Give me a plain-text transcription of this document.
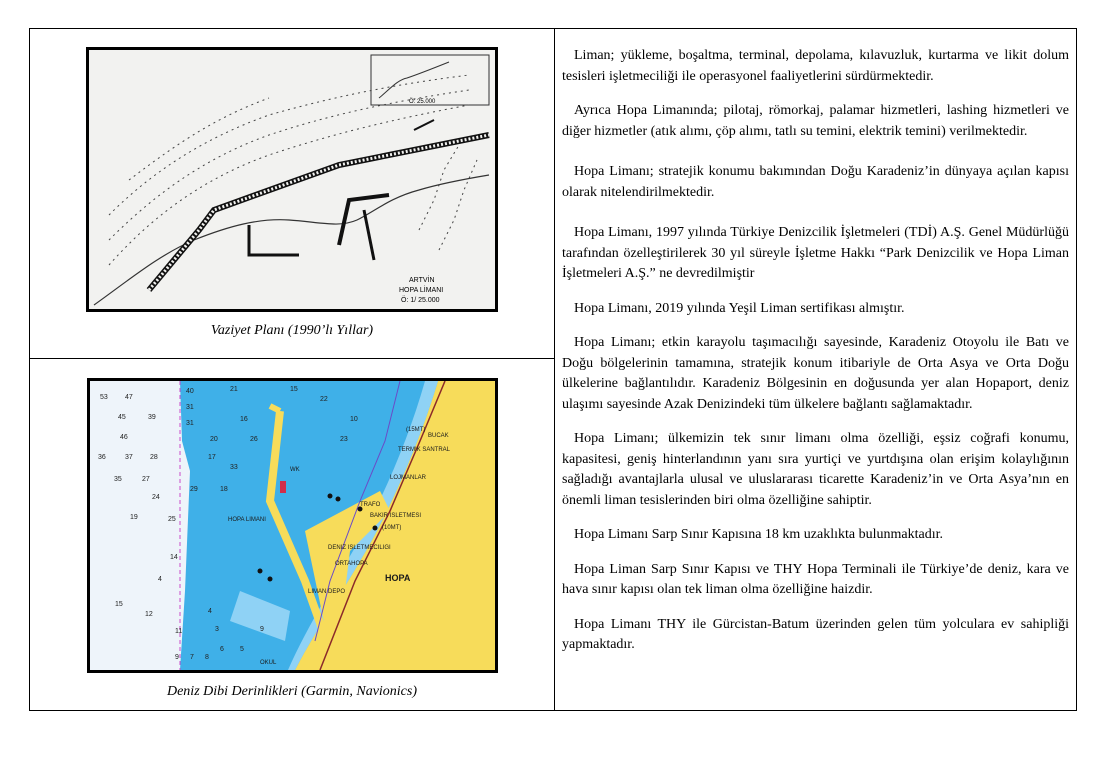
Ö: 25.000
ARTVİN
HOPA LİMANI
Ö: 1/ 25.000
Vaziyet Planı (1990’lı Yıllar)
53 47
40
31
21	15
45	39
31
46
36	37 28
27
24
35
29
19
15
12
11
9 7 8
6 5
4
3
10
14
16
17
18
20
22
23
25
26
33
4
9
(15MT)
BUCAK
TERMIK SANTRAL
LOJMANLAR
TRAFO
BAKIR ISLETMESI
(10MT)
HOPA LIMANI
DENIZ ISLETMECILIGI
ORTAHOPA
LIMAN DEPO
OKUL
WK
HOPA
Deniz Dibi Derinlikleri (Garmin, Navionics)

Liman; yükleme, boşaltma, terminal, depolama, kılavuzluk, kurtarma ve likit dolum tesisleri işletmeciliği ile operasyonel faaliyetlerini sürdürmektedir.

Ayrıca Hopa Limanında; pilotaj, römorkaj, palamar hizmetleri, lashing hizmetleri ve diğer hizmetler (atık alımı, çöp alımı, tatlı su temini, elektrik temini) verilmektedir.

Hopa Limanı; stratejik konumu bakımından Doğu Karadeniz’in dünyaya açılan kapısı olarak nitelendirilmektedir.

Hopa Limanı, 1997 yılında Türkiye Denizcilik İşletmeleri (TDİ) A.Ş. Genel Müdürlüğü tarafından özelleştirilerek 30 yıl süreyle İşletme Hakkı “Park Denizcilik ve Hopa Liman İşletmeleri A.Ş.” ne devredilmiştir

Hopa Limanı, 2019 yılında Yeşil Liman sertifikası almıştır.

Hopa Limanı; etkin karayolu taşımacılığı sayesinde, Karadeniz Otoyolu ile Batı ve Doğu bölgelerinin tamamına, stratejik konum itibariyle de Orta Asya ve Orta Doğu ülkelerine bağlantılıdır. Karadeniz Bölgesinin en doğusunda yer alan Hopaport, deniz ulaşımı sayesinde Azak Denizindeki tüm ülkelere bağlantı sağlamaktadır.

Hopa Limanı; ülkemizin tek sınır limanı olma özelliği, eşsiz coğrafi konumu, kapasitesi, geniş hinterlandının yanı sıra yurtiçi ve yurtdışına olan erişim kolaylığının sağladığı avantajlarla ulusal ve uluslararası ticarette Karadeniz’in ve Orta Asya’nın en önemli liman tesislerinden biri olma özelliğine sahiptir.

Hopa Limanı Sarp Sınır Kapısına 18 km uzaklıkta bulunmaktadır.

Hopa Liman Sarp Sınır Kapısı ve THY Hopa Terminali ile Türkiye’de deniz, kara ve hava sınır kapısı olan tek liman olma özelliğine haizdir.

Hopa Limanı THY ile Gürcistan-Batum üzerinden gelen tüm yolculara ev sahipliği yapmaktadır.
